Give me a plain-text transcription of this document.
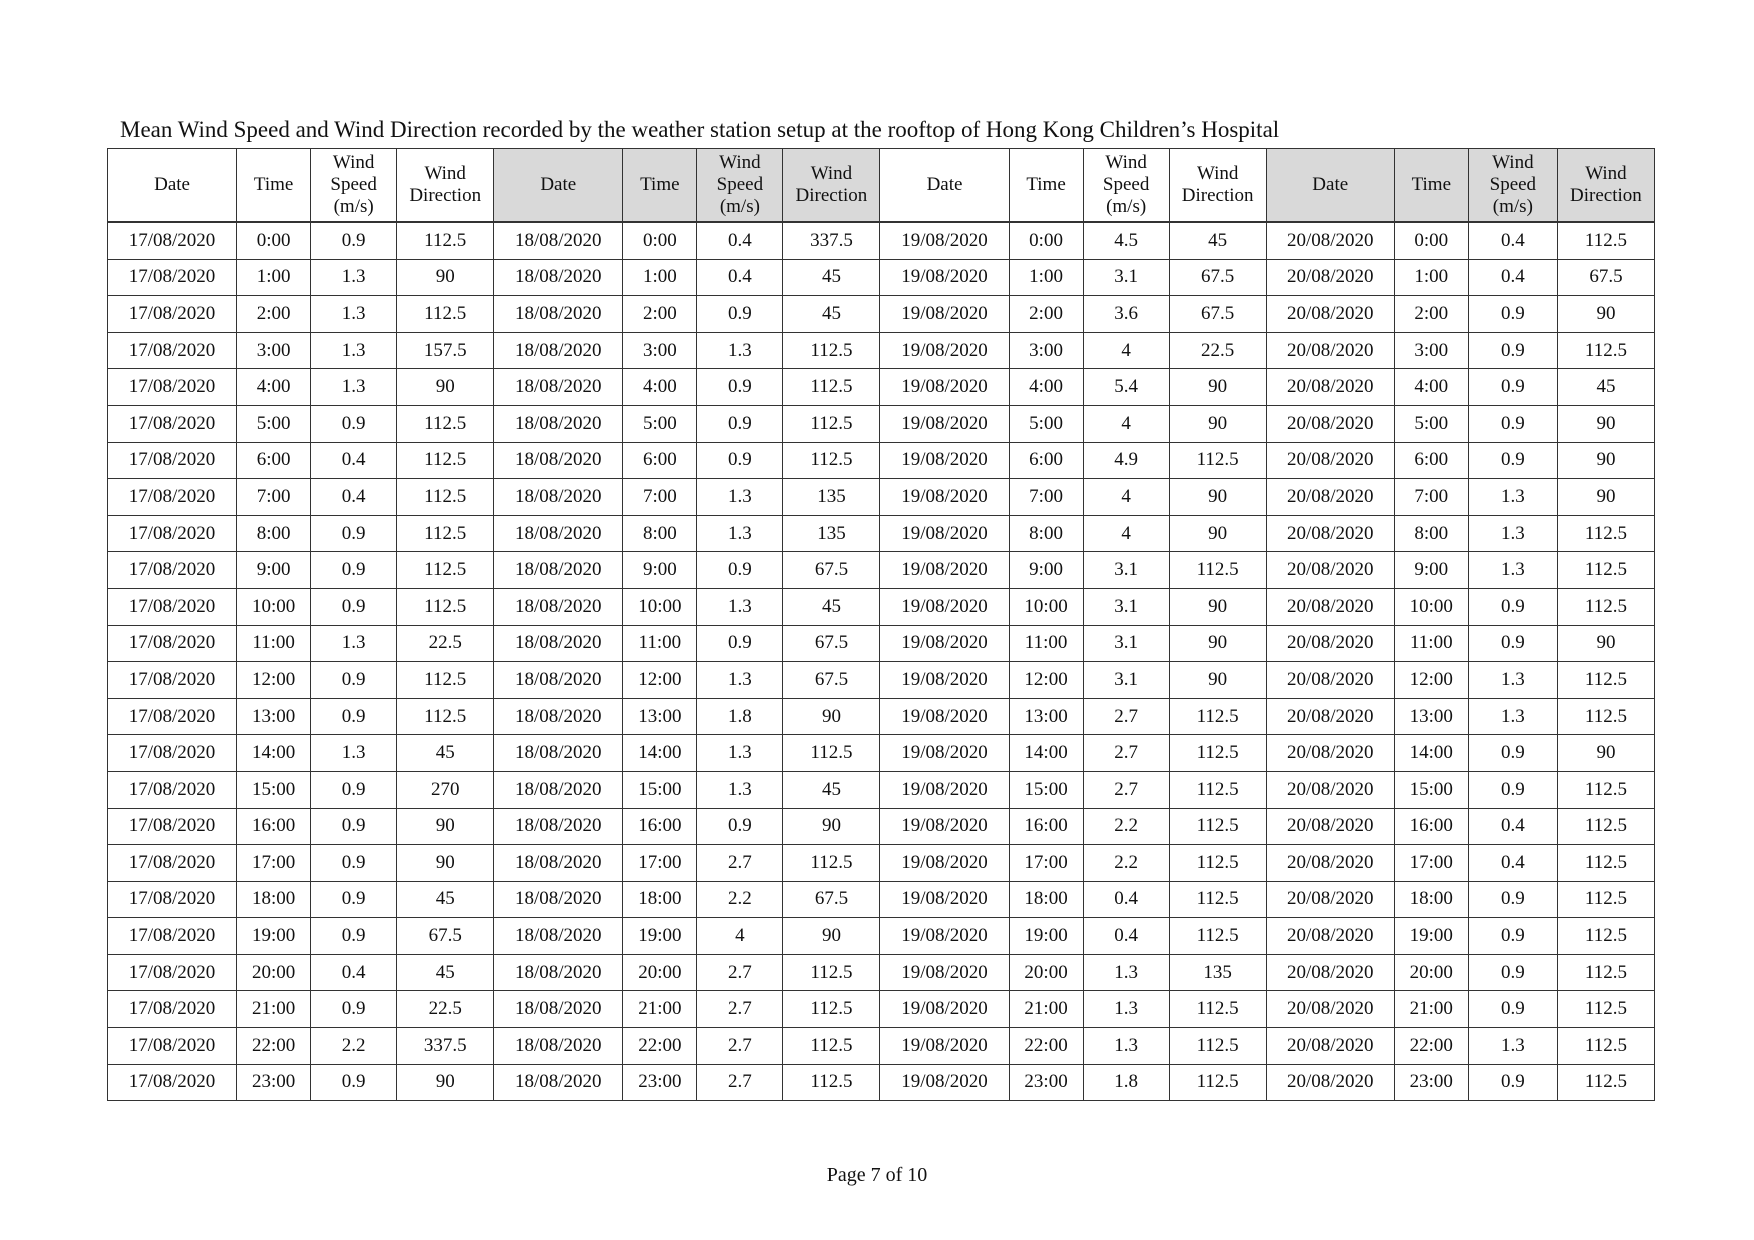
Mean Wind Speed and Wind Direction recorded by the weather station setup at the rooftop of Hong Kong Children’s Hospital
Date	Time	Wind Speed (m/s)	Wind Direction	Date	Time	Wind Speed (m/s)	Wind Direction	Date	Time	Wind Speed (m/s)	Wind Direction	Date	Time	Wind Speed (m/s)	Wind Direction
17/08/2020	0:00	0.9	112.5	18/08/2020	0:00	0.4	337.5	19/08/2020	0:00	4.5	45	20/08/2020	0:00	0.4	112.5
17/08/2020	1:00	1.3	90	18/08/2020	1:00	0.4	45	19/08/2020	1:00	3.1	67.5	20/08/2020	1:00	0.4	67.5
17/08/2020	2:00	1.3	112.5	18/08/2020	2:00	0.9	45	19/08/2020	2:00	3.6	67.5	20/08/2020	2:00	0.9	90
17/08/2020	3:00	1.3	157.5	18/08/2020	3:00	1.3	112.5	19/08/2020	3:00	4	22.5	20/08/2020	3:00	0.9	112.5
17/08/2020	4:00	1.3	90	18/08/2020	4:00	0.9	112.5	19/08/2020	4:00	5.4	90	20/08/2020	4:00	0.9	45
17/08/2020	5:00	0.9	112.5	18/08/2020	5:00	0.9	112.5	19/08/2020	5:00	4	90	20/08/2020	5:00	0.9	90
17/08/2020	6:00	0.4	112.5	18/08/2020	6:00	0.9	112.5	19/08/2020	6:00	4.9	112.5	20/08/2020	6:00	0.9	90
17/08/2020	7:00	0.4	112.5	18/08/2020	7:00	1.3	135	19/08/2020	7:00	4	90	20/08/2020	7:00	1.3	90
17/08/2020	8:00	0.9	112.5	18/08/2020	8:00	1.3	135	19/08/2020	8:00	4	90	20/08/2020	8:00	1.3	112.5
17/08/2020	9:00	0.9	112.5	18/08/2020	9:00	0.9	67.5	19/08/2020	9:00	3.1	112.5	20/08/2020	9:00	1.3	112.5
17/08/2020	10:00	0.9	112.5	18/08/2020	10:00	1.3	45	19/08/2020	10:00	3.1	90	20/08/2020	10:00	0.9	112.5
17/08/2020	11:00	1.3	22.5	18/08/2020	11:00	0.9	67.5	19/08/2020	11:00	3.1	90	20/08/2020	11:00	0.9	90
17/08/2020	12:00	0.9	112.5	18/08/2020	12:00	1.3	67.5	19/08/2020	12:00	3.1	90	20/08/2020	12:00	1.3	112.5
17/08/2020	13:00	0.9	112.5	18/08/2020	13:00	1.8	90	19/08/2020	13:00	2.7	112.5	20/08/2020	13:00	1.3	112.5
17/08/2020	14:00	1.3	45	18/08/2020	14:00	1.3	112.5	19/08/2020	14:00	2.7	112.5	20/08/2020	14:00	0.9	90
17/08/2020	15:00	0.9	270	18/08/2020	15:00	1.3	45	19/08/2020	15:00	2.7	112.5	20/08/2020	15:00	0.9	112.5
17/08/2020	16:00	0.9	90	18/08/2020	16:00	0.9	90	19/08/2020	16:00	2.2	112.5	20/08/2020	16:00	0.4	112.5
17/08/2020	17:00	0.9	90	18/08/2020	17:00	2.7	112.5	19/08/2020	17:00	2.2	112.5	20/08/2020	17:00	0.4	112.5
17/08/2020	18:00	0.9	45	18/08/2020	18:00	2.2	67.5	19/08/2020	18:00	0.4	112.5	20/08/2020	18:00	0.9	112.5
17/08/2020	19:00	0.9	67.5	18/08/2020	19:00	4	90	19/08/2020	19:00	0.4	112.5	20/08/2020	19:00	0.9	112.5
17/08/2020	20:00	0.4	45	18/08/2020	20:00	2.7	112.5	19/08/2020	20:00	1.3	135	20/08/2020	20:00	0.9	112.5
17/08/2020	21:00	0.9	22.5	18/08/2020	21:00	2.7	112.5	19/08/2020	21:00	1.3	112.5	20/08/2020	21:00	0.9	112.5
17/08/2020	22:00	2.2	337.5	18/08/2020	22:00	2.7	112.5	19/08/2020	22:00	1.3	112.5	20/08/2020	22:00	1.3	112.5
17/08/2020	23:00	0.9	90	18/08/2020	23:00	2.7	112.5	19/08/2020	23:00	1.8	112.5	20/08/2020	23:00	0.9	112.5
Page 7 of 10
